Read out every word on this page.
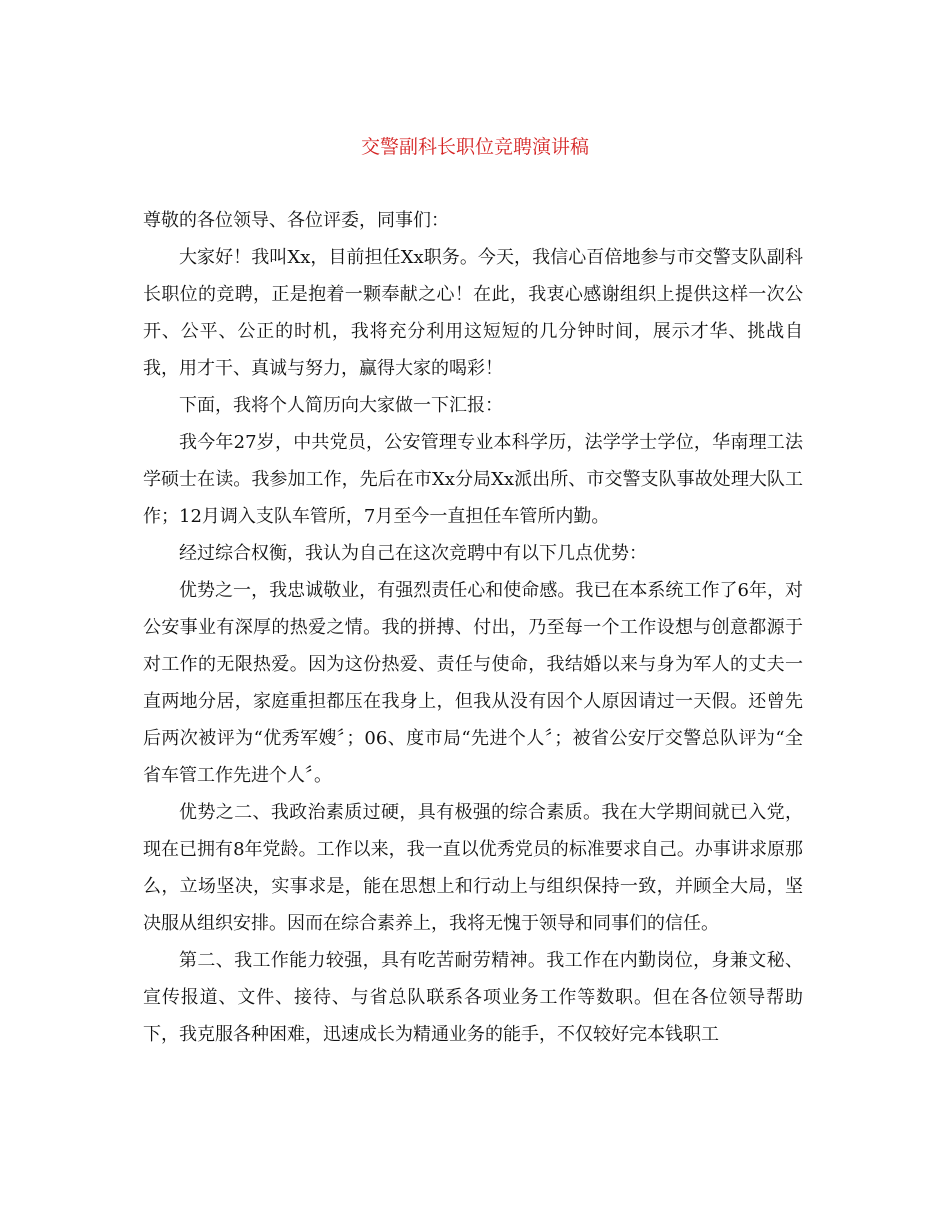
交警副科长职位竞聘演讲稿

尊敬的各位领导、各位评委，同事们：

大家好！我叫Xx，目前担任Xx职务。今天，我信心百倍地参与市交警支队副科长职位的竞聘，正是抱着一颗奉献之心！在此，我衷心感谢组织上提供这样一次公开、公平、公正的时机，我将充分利用这短短的几分钟时间，展示才华、挑战自我，用才干、真诚与努力，赢得大家的喝彩！

下面，我将个人简历向大家做一下汇报：

我今年27岁，中共党员，公安管理专业本科学历，法学学士学位，华南理工法学硕士在读。我参加工作，先后在市Xx分局Xx派出所、市交警支队事故处理大队工作；12月调入支队车管所，7月至今一直担任车管所内勤。

经过综合权衡，我认为自己在这次竞聘中有以下几点优势：

优势之一，我忠诚敬业，有强烈责任心和使命感。我已在本系统工作了6年，对公安事业有深厚的热爱之情。我的拼搏、付出，乃至每一个工作设想与创意都源于对工作的无限热爱。因为这份热爱、责任与使命，我结婚以来与身为军人的丈夫一直两地分居，家庭重担都压在我身上，但我从没有因个人原因请过一天假。还曾先后两次被评为“优秀军嫂〞；06、度市局“先进个人〞；被省公安厅交警总队评为“全省车管工作先进个人〞。

优势之二、我政治素质过硬，具有极强的综合素质。我在大学期间就已入党，现在已拥有8年党龄。工作以来，我一直以优秀党员的标准要求自己。办事讲求原那么，立场坚决，实事求是，能在思想上和行动上与组织保持一致，并顾全大局，坚决服从组织安排。因而在综合素养上，我将无愧于领导和同事们的信任。

第二、我工作能力较强，具有吃苦耐劳精神。我工作在内勤岗位，身兼文秘、宣传报道、文件、接待、与省总队联系各项业务工作等数职。但在各位领导帮助下，我克服各种困难，迅速成长为精通业务的能手，不仅较好完本钱职工
